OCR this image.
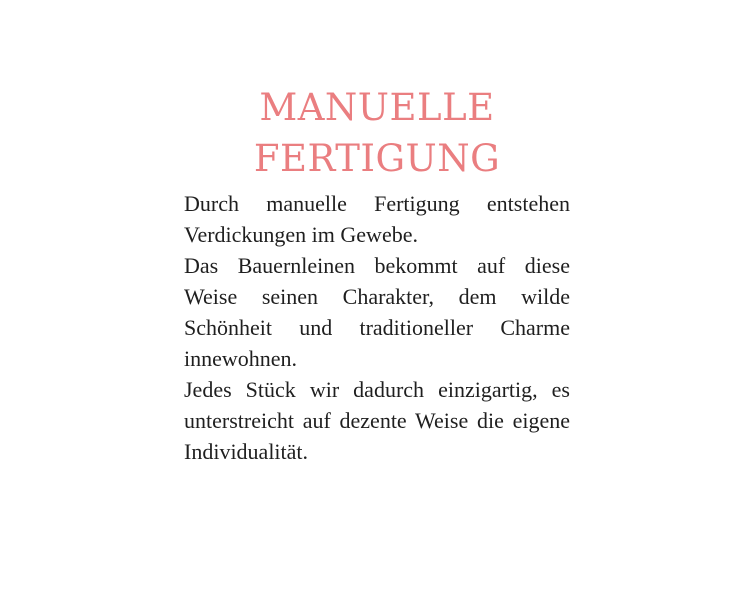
MANUELLE
FERTIGUNG

Durch manuelle Fertigung entstehen Verdickungen im Gewebe.

Das Bauernleinen bekommt auf diese Weise seinen Charakter, dem wilde Schönheit und traditioneller Charme innewohnen.

Jedes Stück wir dadurch einzigartig, es unterstreicht auf dezente Weise die eigene Individualität.
